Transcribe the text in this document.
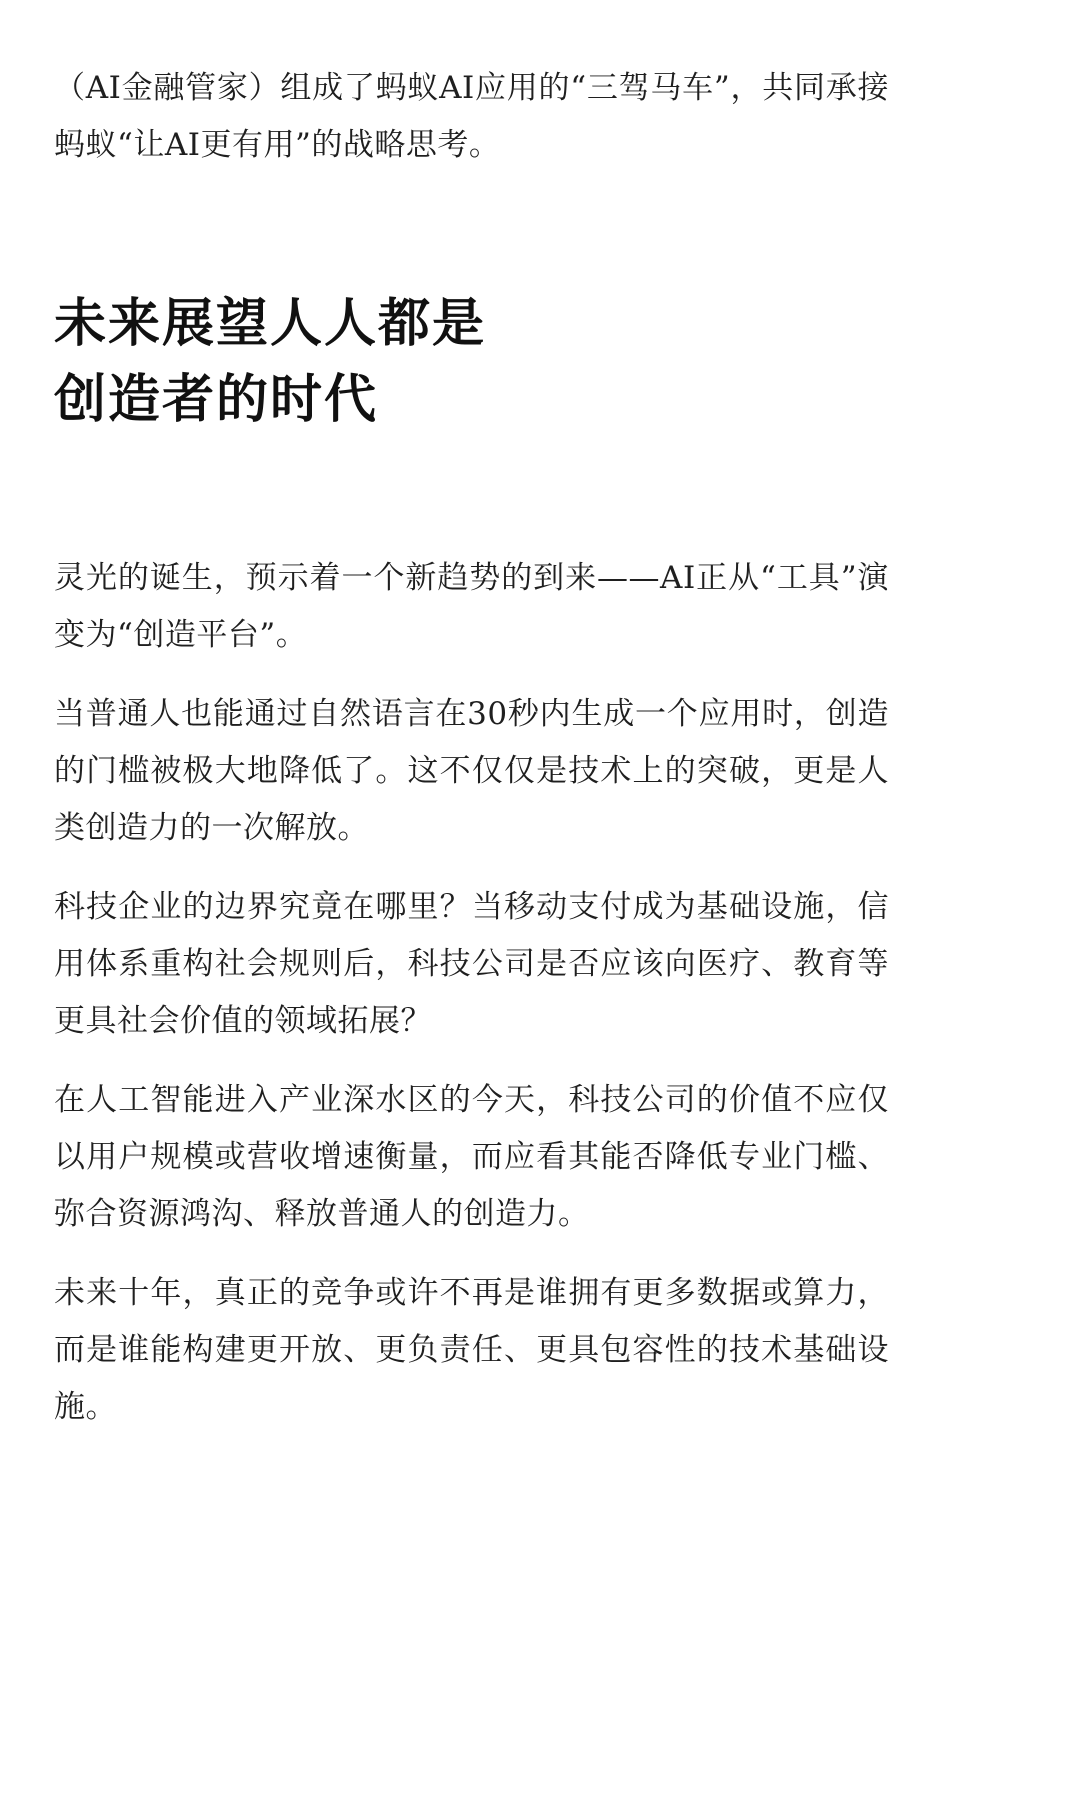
（AI金融管家）组成了蚂蚁AI应用的“三驾马车”，共同承接蚂蚁“让AI更有用”的战略思考。

未来展望人人都是
创造者的时代

灵光的诞生，预示着一个新趋势的到来——AI正从“工具”演变为“创造平台”。

当普通人也能通过自然语言在30秒内生成一个应用时，创造的门槛被极大地降低了。这不仅仅是技术上的突破，更是人类创造力的一次解放。

科技企业的边界究竟在哪里？当移动支付成为基础设施，信用体系重构社会规则后，科技公司是否应该向医疗、教育等更具社会价值的领域拓展？

在人工智能进入产业深水区的今天，科技公司的价值不应仅以用户规模或营收增速衡量，而应看其能否降低专业门槛、弥合资源鸿沟、释放普通人的创造力。

未来十年，真正的竞争或许不再是谁拥有更多数据或算力，而是谁能构建更开放、更负责任、更具包容性的技术基础设施。
